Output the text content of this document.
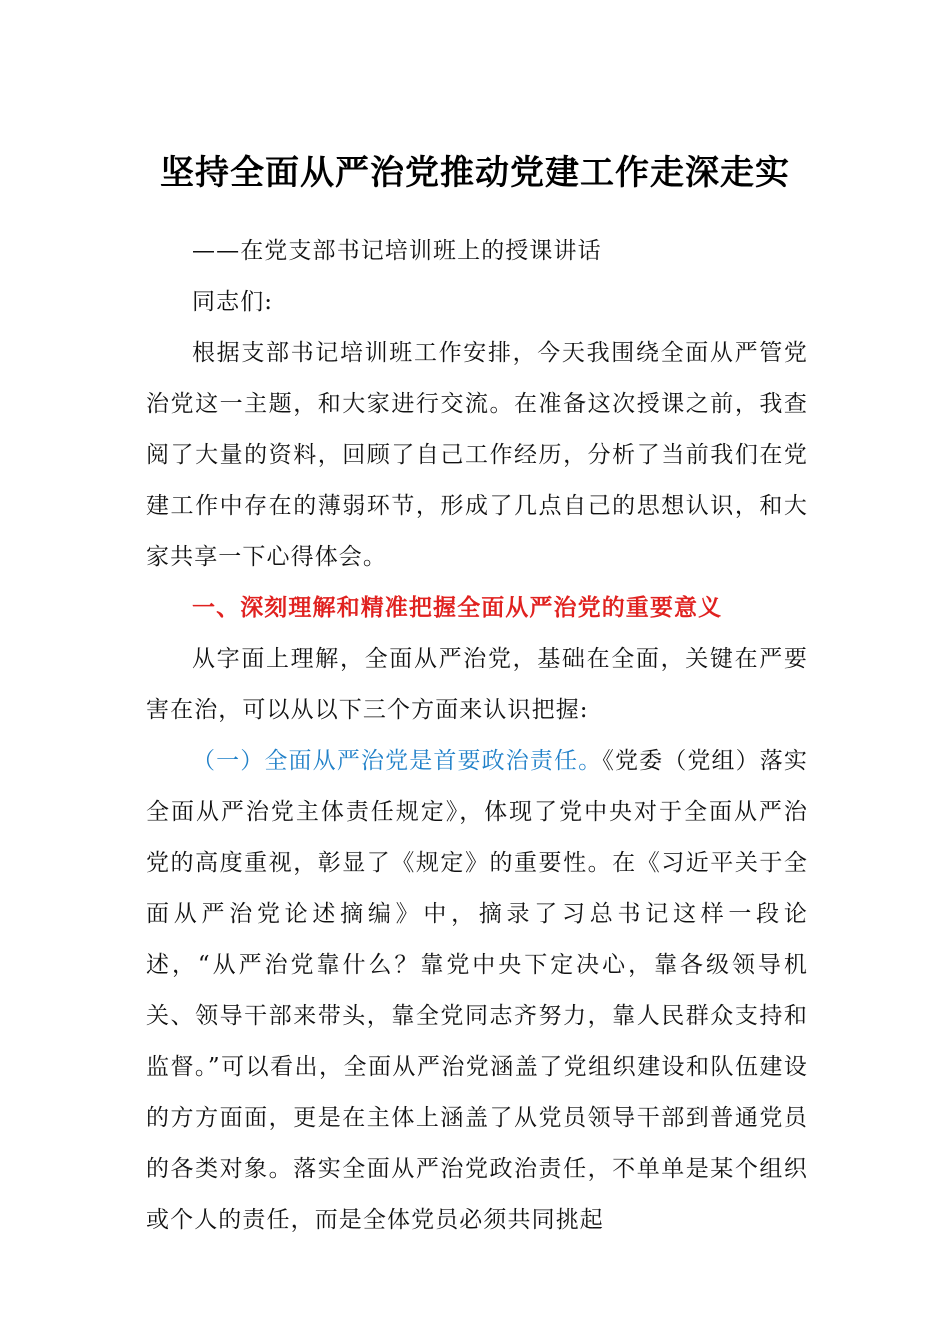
坚持全面从严治党推动党建工作走深走实

——在党支部书记培训班上的授课讲话

同志们:

根据支部书记培训班工作安排，今天我围绕全面从严管党治党这一主题，和大家进行交流。在准备这次授课之前，我查阅了大量的资料，回顾了自己工作经历，分析了当前我们在党建工作中存在的薄弱环节，形成了几点自己的思想认识，和大家共享一下心得体会。

一、深刻理解和精准把握全面从严治党的重要意义

从字面上理解，全面从严治党，基础在全面，关键在严要害在治，可以从以下三个方面来认识把握:

（一）全面从严治党是首要政治责任。《党委（党组）落实全面从严治党主体责任规定》，体现了党中央对于全面从严治党的高度重视，彰显了《规定》的重要性。在《习近平关于全面从严治党论述摘编》中，摘录了习总书记这样一段论述，“从严治党靠什么？靠党中央下定决心，靠各级领导机关、领导干部来带头，靠全党同志齐努力，靠人民群众支持和监督。”可以看出，全面从严治党涵盖了党组织建设和队伍建设的方方面面，更是在主体上涵盖了从党员领导干部到普通党员的各类对象。落实全面从严治党政治责任，不单单是某个组织或个人的责任，而是全体党员必须共同挑起
